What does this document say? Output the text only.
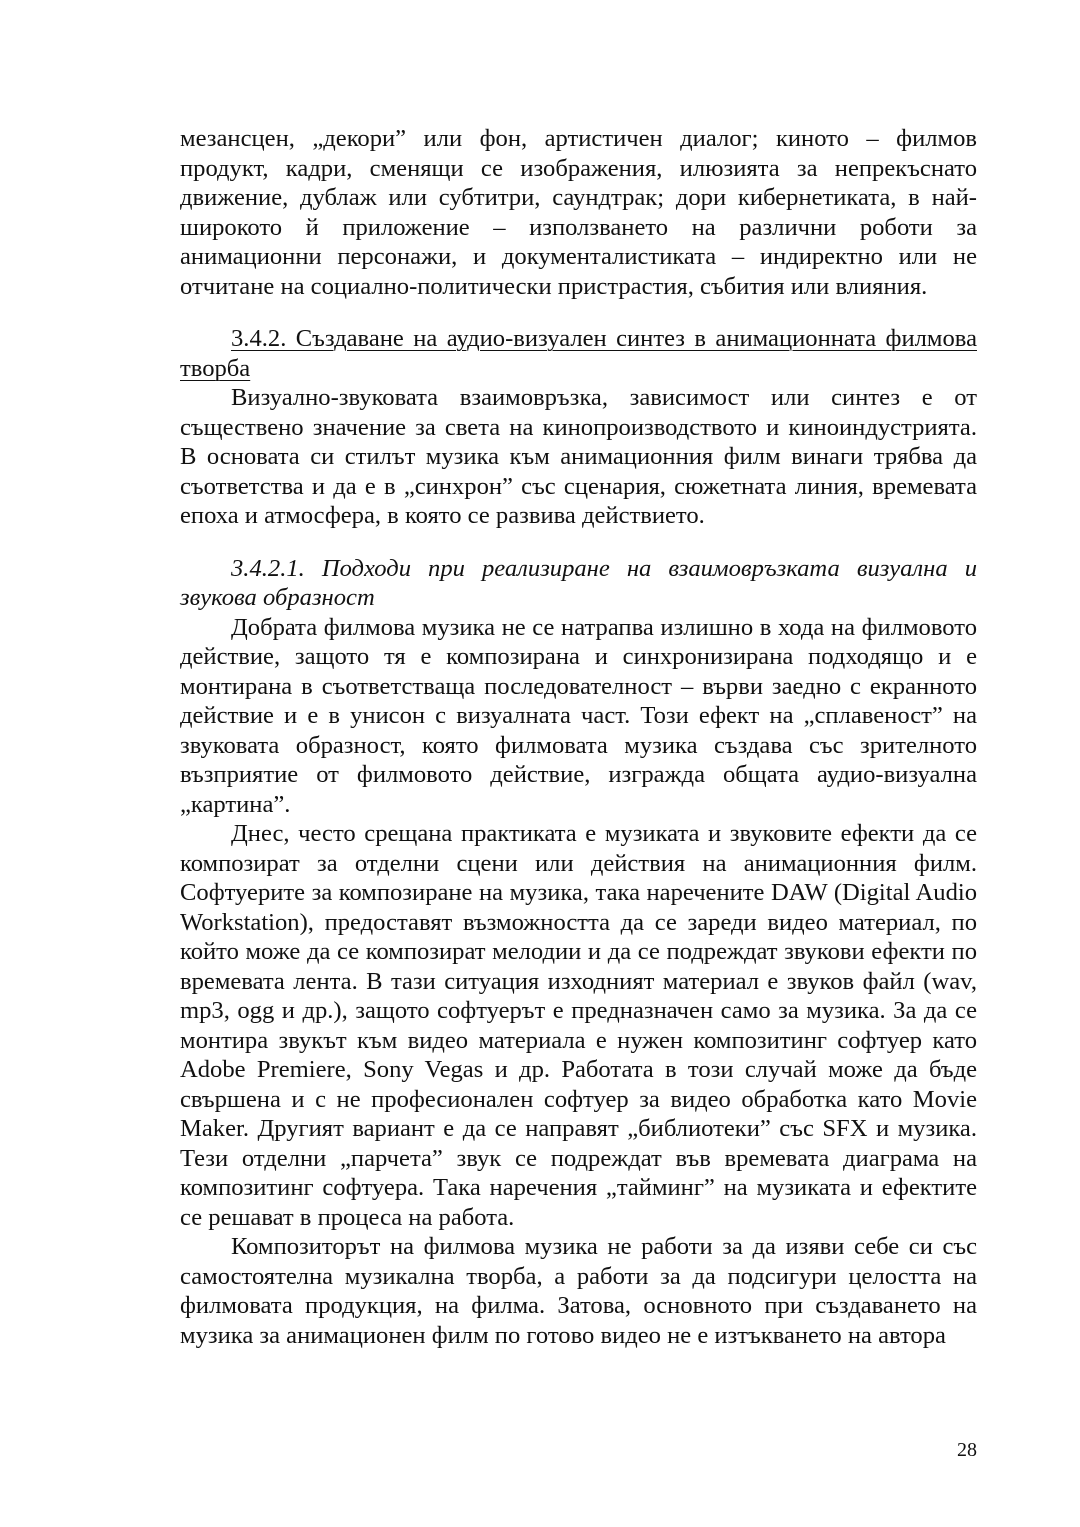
мезансцен, „декори” или фон, артистичен диалог; киното – филмов продукт, кадри, сменящи се изображения, илюзията за непрекъснато движение, дублаж или субтитри, саундтрак; дори кибернетиката, в най-широкото й приложение – използването на различни роботи за анимационни персонажи, и документалистиката – индиректно или не отчитане на социално-политически пристрастия, събития или влияния.

3.4.2. Създаване на аудио-визуален синтез в анимационната филмова творба

Визуално-звуковата взаимовръзка, зависимост или синтез е от съществено значение за света на кинопроизводството и киноиндустрията. В основата си стилът музика към анимационния филм винаги трябва да съответства и да е в „синхрон” със сценария, сюжетната линия, времевата епоха и атмосфера, в която се развива действието.

3.4.2.1. Подходи при реализиране на взаимовръзката визуална и звукова образност

Добрата филмова музика не се натрапва излишно в хода на филмовото действие, защото тя е композирана и синхронизирана подходящо и е монтирана в съответстваща последователност – върви заедно с екранното действие и е в унисон с визуалната част. Този ефект на „сплавеност” на звуковата образност, която филмовата музика създава със зрителното възприятие от филмовото действие, изгражда общата аудио-визуална „картина”.

Днес, често срещана практиката е музиката и звуковите ефекти да се композират за отделни сцени или действия на анимационния филм. Софтуерите за композиране на музика, така наречените DAW (Digital Audio Workstation), предоставят възможността да се зареди видео материал, по който може да се композират мелодии и да се подреждат звукови ефекти по времевата лента. В тази ситуация изходният материал е звуков файл (wav, mp3, ogg и др.), защото софтуерът е предназначен само за музика. За да се монтира звукът към видео материала е нужен композитинг софтуер като Adobe Premiere, Sony Vegas и др. Работата в този случай може да бъде свършена и с не професионален софтуер за видео обработка като Movie Maker. Другият вариант е да се направят „библиотеки” със SFX и музика. Тези отделни „парчета” звук се подреждат във времевата диаграма на композитинг софтуера. Така наречения „тайминг” на музиката и ефектите се решават в процеса на работа.

Композиторът на филмова музика не работи за да изяви себе си със самостоятелна музикална творба, а работи за да подсигури целостта на филмовата продукция, на филма. Затова, основното при създаването на музика за анимационен филм по готово видео не е изтъкването на автора

28
